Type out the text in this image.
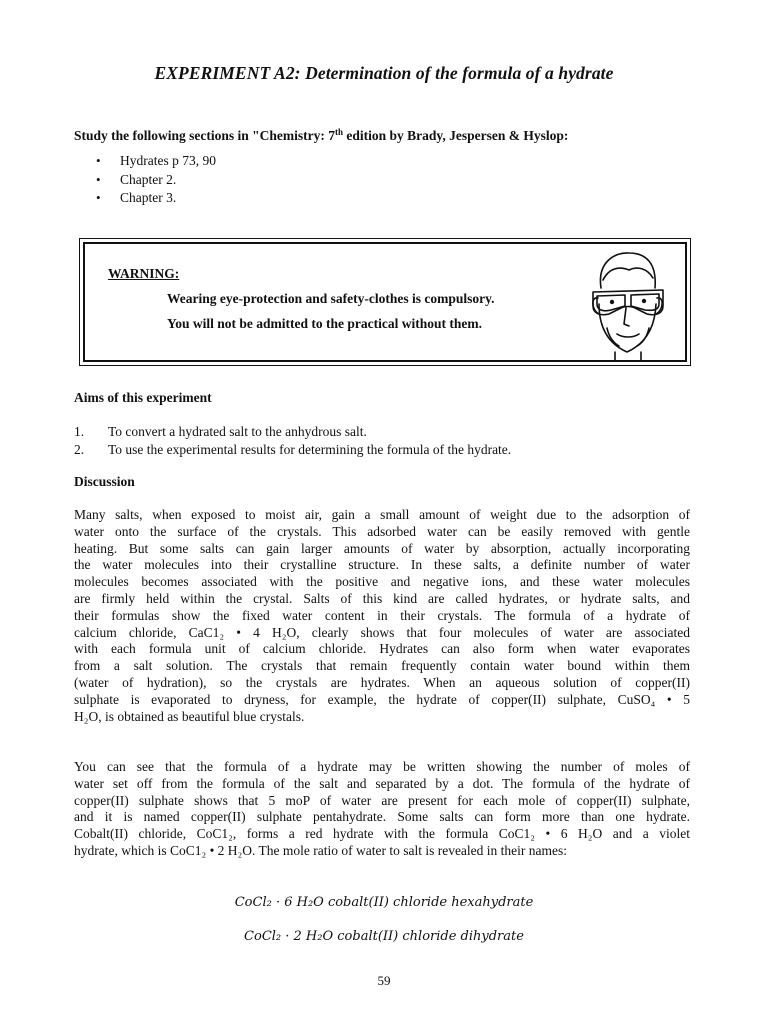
EXPERIMENT A2: Determination of the formula of a hydrate
Study the following sections in "Chemistry: 7th edition by Brady, Jespersen & Hyslop:
• Hydrates p 73, 90
• Chapter 2.
• Chapter 3.
WARNING:
Wearing eye-protection and safety-clothes is compulsory.
You will not be admitted to the practical without them.
Aims of this experiment
1. To convert a hydrated salt to the anhydrous salt.
2. To use the experimental results for determining the formula of the hydrate.
Discussion
Many salts, when exposed to moist air, gain a small amount of weight due to the adsorption of
water onto the surface of the crystals. This adsorbed water can be easily removed with gentle
heating. But some salts can gain larger amounts of water by absorption, actually incorporating
the water molecules into their crystalline structure. In these salts, a definite number of water
molecules becomes associated with the positive and negative ions, and these water molecules
are firmly held within the crystal. Salts of this kind are called hydrates, or hydrate salts, and
their formulas show the fixed water content in their crystals. The formula of a hydrate of
calcium chloride, CaC1₂ • 4 H₂O, clearly shows that four molecules of water are associated
with each formula unit of calcium chloride. Hydrates can also form when water evaporates
from a salt solution. The crystals that remain frequently contain water bound within them
(water of hydration), so the crystals are hydrates. When an aqueous solution of copper(II)
sulphate is evaporated to dryness, for example, the hydrate of copper(II) sulphate, CuSO₄ • 5
H₂O, is obtained as beautiful blue crystals.
You can see that the formula of a hydrate may be written showing the number of moles of
water set off from the formula of the salt and separated by a dot. The formula of the hydrate of
copper(II) sulphate shows that 5 moP of water are present for each mole of copper(II) sulphate,
and it is named copper(II) sulphate pentahydrate. Some salts can form more than one hydrate.
Cobalt(II) chloride, CoC1₂, forms a red hydrate with the formula CoC1₂ • 6 H₂O and a violet
hydrate, which is CoC1₂ • 2 H₂O. The mole ratio of water to salt is revealed in their names:
CoCl₂ · 6 H₂O cobalt(II) chloride hexahydrate
CoCl₂ · 2 H₂O cobalt(II) chloride dihydrate
59
